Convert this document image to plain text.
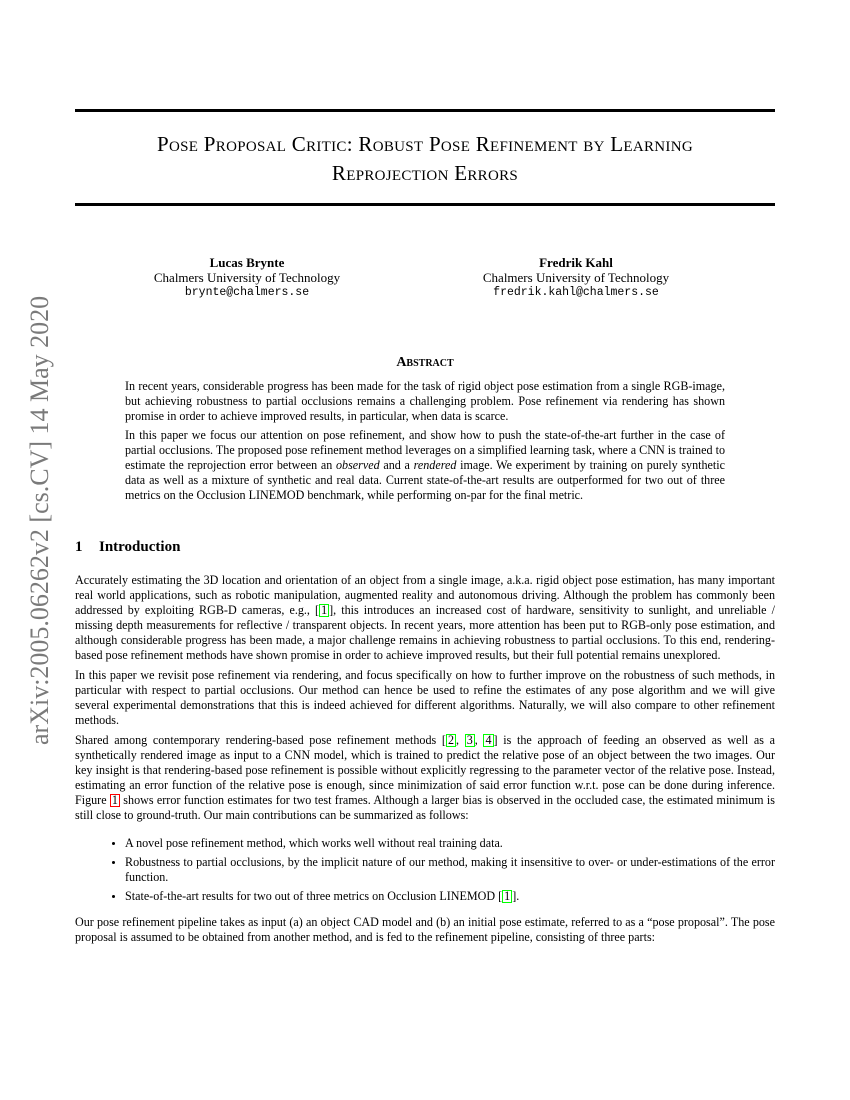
Pose Proposal Critic: Robust Pose Refinement by Learning
Reprojection Errors
Lucas Brynte
Chalmers University of Technology
brynte@chalmers.se
Fredrik Kahl
Chalmers University of Technology
fredrik.kahl@chalmers.se
arXiv:2005.06262v2 [cs.CV] 14 May 2020	Abstract

In recent years, considerable progress has been made for the task of rigid object pose estimation from a single RGB-image, but achieving robustness to partial occlusions remains a challenging problem. Pose refinement via rendering has shown promise in order to achieve improved results, in particular, when data is scarce.

In this paper we focus our attention on pose refinement, and show how to push the state-of-the-art further in the case of partial occlusions. The proposed pose refinement method leverages on a simplified learning task, where a CNN is trained to estimate the reprojection error between an observed and a rendered image. We experiment by training on purely synthetic data as well as a mixture of synthetic and real data. Current state-of-the-art results are outperformed for two out of three metrics on the Occlusion LINEMOD benchmark, while performing on-par for the final metric.

1 Introduction

Accurately estimating the 3D location and orientation of an object from a single image, a.k.a. rigid object pose estimation, has many important real world applications, such as robotic manipulation, augmented reality and autonomous driving. Although the problem has commonly been addressed by exploiting RGB-D cameras, e.g., [ 1 ], this introduces an increased cost of hardware, sensitivity to sunlight, and unreliable / missing depth measurements for reflective / transparent objects. In recent years, more attention has been put to RGB-only pose estimation, and although considerable progress has been made, a major challenge remains in achieving robustness to partial occlusions. To this end, rendering-based pose refinement methods have shown promise in order to achieve improved results, but their full potential remains unexplored.

In this paper we revisit pose refinement via rendering, and focus specifically on how to further improve on the robustness of such methods, in particular with respect to partial occlusions. Our method can hence be used to refine the estimates of any pose algorithm and we will give several experimental demonstrations that this is indeed achieved for different algorithms. Naturally, we will also compare to other refinement methods.

Shared among contemporary rendering-based pose refinement methods [ 2 , 3 , 4 ] is the approach of feeding an observed as well as a synthetically rendered image as input to a CNN model, which is trained to predict the relative pose of an object between the two images. Our key insight is that rendering-based pose refinement is possible without explicitly regressing to the parameter vector of the relative pose. Instead, estimating an error function of the relative pose is enough, since minimization of said error function w.r.t. pose can be done during inference. Figure 1 shows error function estimates for two test frames. Although a larger bias is observed in the occluded case, the estimated minimum is still close to ground-truth. Our main contributions can be summarized as follows:

• A novel pose refinement method, which works well without real training data.
• Robustness to partial occlusions, by the implicit nature of our method, making it insensitive to over- or under-estimations of the error function.
• State-of-the-art results for two out of three metrics on Occlusion LINEMOD [ 1 ].

Our pose refinement pipeline takes as input (a) an object CAD model and (b) an initial pose estimate, referred to as a “pose proposal”. The pose proposal is assumed to be obtained from another method, and is fed to the refinement pipeline, consisting of three parts:
